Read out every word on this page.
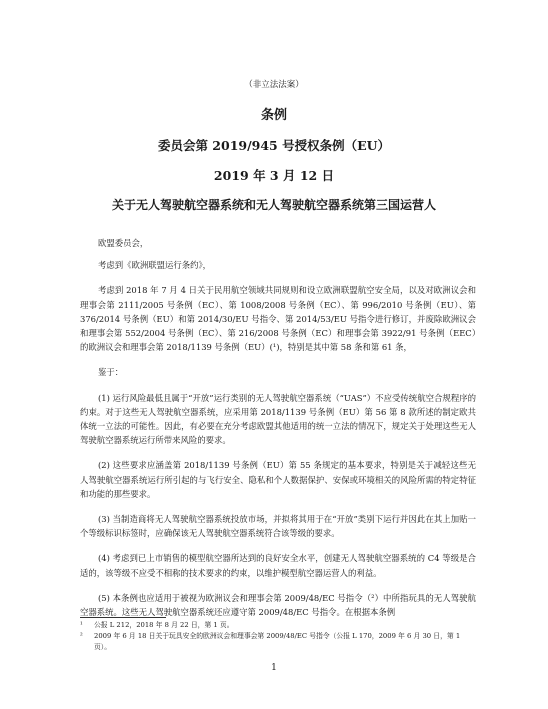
（非立法法案）
条例
委员会第 2019/945 号授权条例（EU）
2019 年 3 月 12 日
关于无人驾驶航空器系统和无人驾驶航空器系统第三国运营人

欧盟委员会，

考虑到《欧洲联盟运行条约》，

考虑到 2018 年 7 月 4 日关于民用航空领域共同规则和设立欧洲联盟航空安全局，以及对欧洲议会和理事会第 2111/2005 号条例（EC）、第 1008/2008 号条例（EC）、第 996/2010 号条例（EU）、第 376/2014 号条例（EU）和第 2014/30/EU 号指令、第 2014/53/EU 号指令进行修订，并废除欧洲议会和理事会第 552/2004 号条例（EC）、第 216/2008 号条例（EC）和理事会第 3922/91 号条例（EEC）的欧洲议会和理事会第 2018/1139 号条例（EU）(¹)，特别是其中第 58 条和第 61 条，

鉴于：

(1) 运行风险最低且属于“开放”运行类别的无人驾驶航空器系统（“UAS”）不应受传统航空合规程序的约束。对于这些无人驾驶航空器系统，应采用第 2018/1139 号条例（EU）第 56 第 8 款所述的制定欧共体统一立法的可能性。因此，有必要在充分考虑欧盟其他适用的统一立法的情况下，规定关于处理这些无人驾驶航空器系统运行所带来风险的要求。

(2) 这些要求应涵盖第 2018/1139 号条例（EU）第 55 条规定的基本要求，特别是关于减轻这些无人驾驶航空器系统运行所引起的与飞行安全、隐私和个人数据保护、安保或环境相关的风险所需的特定特征和功能的那些要求。

(3) 当制造商将无人驾驶航空器系统投放市场，并拟将其用于在“开放”类别下运行并因此在其上加贴一个等级标识标签时，应确保该无人驾驶航空器系统符合该等级的要求。

(4) 考虑到已上市销售的模型航空器所达到的良好安全水平，创建无人驾驶航空器系统的 C4 等级是合适的，该等级不应受不相称的技术要求的约束，以维护模型航空器运营人的利益。

(5) 本条例也应适用于被视为欧洲议会和理事会第 2009/48/EC 号指令（²）中所指玩具的无人驾驶航空器系统。这些无人驾驶航空器系统还应遵守第 2009/48/EC 号指令。在根据本条例

¹	公报 L 212，2018 年 8 月 22 日，第 1 页。
²	2009 年 6 月 18 日关于玩具安全的欧洲议会和理事会第 2009/48/EC 号指令（公报 L 170，2009 年 6 月 30 日，第 1 页）。
1
